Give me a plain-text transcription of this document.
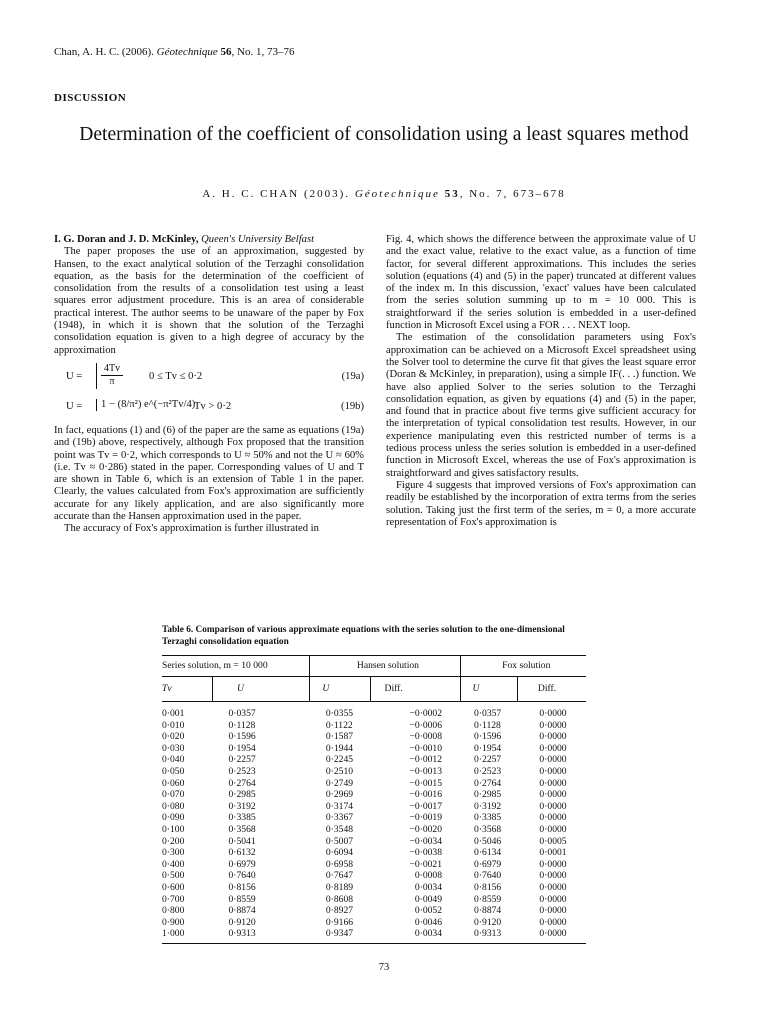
Chan, A. H. C. (2006). Géotechnique 56, No. 1, 73–76
DISCUSSION
Determination of the coefficient of consolidation using a least squares method
A. H. C. CHAN (2003). Géotechnique 53, No. 7, 673–678

I. G. Doran and J. D. McKinley, Queen's University Belfast

The paper proposes the use of an approximation, suggested by Hansen, to the exact analytical solution of the Terzaghi consolidation equation, as the basis for the determination of the coefficient of consolidation from the results of a consolidation test using a least squares error adjustment procedure. This is an area of considerable practical interest. The author seems to be unaware of the paper by Fox (1948), in which it is shown that the solution of the Terzaghi consolidation equation is given to a high degree of accuracy by the approximation

$U = \frac{4Tv}{\pi} 0 \le Tv \le 0\cdot 2$	(19a)
U =	1 − (8/π²) e^(−π²Tv/4)
Tv > 0·2	(19b)

In fact, equations (1) and (6) of the paper are the same as equations (19a) and (19b) above, respectively, although Fox proposed that the transition point was Tv = 0·2, which corresponds to U ≈ 50% and not the U ≈ 60% (i.e. Tv ≈ 0·286) stated in the paper. Corresponding values of U and T are shown in Table 6, which is an extension of Table 1 in the paper. Clearly, the values calculated from Fox's approximation are sufficiently accurate for any likely application, and are also significantly more accurate than the Hansen approximation used in the paper.

The accuracy of Fox's approximation is further illustrated in

Fig. 4, which shows the difference between the approximate value of U and the exact value, relative to the exact value, as a function of time factor, for several different approximations. This includes the series solution (equations (4) and (5) in the paper) truncated at different values of the index m. In this discussion, 'exact' values have been calculated from the series solution summing up to m = 10 000. This is straightforward if the series solution is embedded in a user-defined function in Microsoft Excel using a FOR . . . NEXT loop.

The estimation of the consolidation parameters using Fox's approximation can be achieved on a Microsoft Excel spreadsheet using the Solver tool to determine the curve fit that gives the least square error (Doran & McKinley, in preparation), using a simple IF(. . .) function. We have also applied Solver to the series solution to the Terzaghi consolidation equation, as given by equations (4) and (5) in the paper, and found that in practice about five terms give sufficient accuracy for the interpretation of typical consolidation test results. However, in our experience manipulating even this restricted number of terms is a tedious process unless the series solution is embedded in a user-defined function in Microsoft Excel, whereas the use of Fox's approximation is straightforward and gives satisfactory results.

Figure 4 suggests that improved versions of Fox's approximation can readily be established by the incorporation of extra terms from the series solution. Taking just the first term of the series, m = 0, a more accurate representation of Fox's approximation is

Table 6. Comparison of various approximate equations with the series solution to the one-dimensional Terzaghi consolidation equation
Series solution, m = 10 000		Hansen solution		Fox solution	
Tv	U	U	Diff.	U	Diff.

0·001	0·0357	0·0355	−0·0002	0·0357	0·0000
0·010	0·1128	0·1122	−0·0006	0·1128	0·0000
0·020	0·1596	0·1587	−0·0008	0·1596	0·0000
0·030	0·1954	0·1944	−0·0010	0·1954	0·0000
0·040	0·2257	0·2245	−0·0012	0·2257	0·0000
0·050	0·2523	0·2510	−0·0013	0·2523	0·0000
0·060	0·2764	0·2749	−0·0015	0·2764	0·0000
0·070	0·2985	0·2969	−0·0016	0·2985	0·0000
0·080	0·3192	0·3174	−0·0017	0·3192	0·0000
0·090	0·3385	0·3367	−0·0019	0·3385	0·0000
0·100	0·3568	0·3548	−0·0020	0·3568	0·0000
0·200	0·5041	0·5007	−0·0034	0·5046	0·0005
0·300	0·6132	0·6094	−0·0038	0·6134	0·0001
0·400	0·6979	0·6958	−0·0021	0·6979	0·0000
0·500	0·7640	0·7647	0·0008	0·7640	0·0000
0·600	0·8156	0·8189	0·0034	0·8156	0·0000
0·700	0·8559	0·8608	0·0049	0·8559	0·0000
0·800	0·8874	0·8927	0·0052	0·8874	0·0000
0·900	0·9120	0·9166	0·0046	0·9120	0·0000
1·000	0·9313	0·9347	0·0034	0·9313	0·0000
73
